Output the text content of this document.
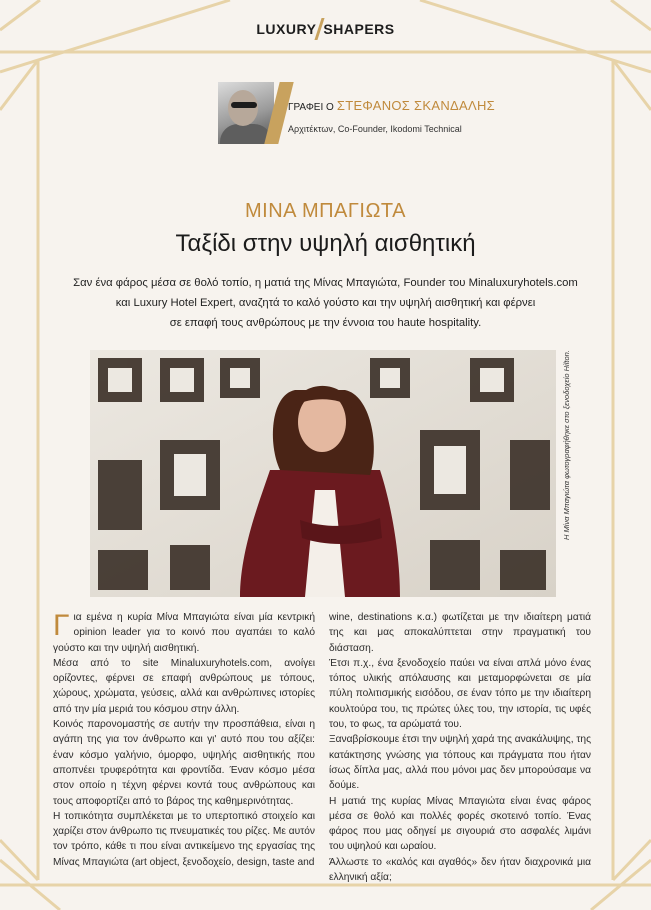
LUXURY SHAPERS
ΓΡΑΦΕΙ Ο ΣΤΕΦΑΝΟΣ ΣΚΑΝΔΑΛΗΣ
Αρχιτέκτων, Co-Founder, Ikodomi Technical
ΜΙΝΑ ΜΠΑΓΙΩΤΑ
Ταξίδι στην υψηλή αισθητική
Σαν ένα φάρος μέσα σε θολό τοπίο, η ματιά της Μίνας Μπαγιώτα, Founder του Minaluxuryhotels.com
και Luxury Hotel Expert, αναζητά το καλό γούστο και την υψηλή αισθητική και φέρνει
σε επαφή τους ανθρώπους με την έννοια του haute hospitality.
Η Μίνα Μπαγιώτα φωτογραφήθηκε στο ξενοδοχείο Hilton.

Για εμένα η κυρία Μίνα Μπαγιώτα είναι μία κεντρική opinion leader για το κοινό που αγαπάει το καλό γούστο και την υψηλή αισθητική.

Μέσα από το site Minaluxuryhotels.com, ανοίγει ορίζοντες, φέρνει σε επαφή ανθρώπους με τόπους, χώρους, χρώματα, γεύσεις, αλλά και ανθρώπινες ιστορίες από την μία μεριά του κόσμου στην άλλη.

Κοινός παρονομαστής σε αυτήν την προσπάθεια, είναι η αγάπη της για τον άνθρωπο και γι' αυτό που του αξίζει: έναν κόσμο γαλήνιο, όμορφο, υψηλής αισθητικής που αποπνέει τρυφερότητα και φροντίδα. Έναν κόσμο μέσα στον οποίο η τέχνη φέρνει κοντά τους ανθρώπους και τους αποφορτίζει από το βάρος της καθημερινότητας.

Η τοπικότητα συμπλέκεται με το υπερτοπικό στοιχείο και χαρίζει στον άνθρωπο τις πνευματικές του ρίζες. Με αυτόν τον τρόπο, κάθε τι που είναι αντικείμενο της εργασίας της Μίνας Μπαγιώτα (art object, ξενοδοχείο, design, taste and

wine, destinations κ.α.) φωτίζεται με την ιδιαίτερη ματιά της και μας αποκαλύπτεται στην πραγματική του διάσταση.

Έτσι π.χ., ένα ξενοδοχείο παύει να είναι απλά μόνο ένας τόπος υλικής απόλαυσης και μεταμορφώνεται σε μία πύλη πολιτισμικής εισόδου, σε έναν τόπο με την ιδιαίτερη κουλτούρα του, τις πρώτες ύλες του, την ιστορία, τις υφές του, το φως, τα αρώματά του.

Ξαναβρίσκουμε έτσι την υψηλή χαρά της ανακάλυψης, της κατάκτησης γνώσης για τόπους και πράγματα που ήταν ίσως δίπλα μας, αλλά που μόνοι μας δεν μπορούσαμε να δούμε.

Η ματιά της κυρίας Μίνας Μπαγιώτα είναι ένας φάρος μέσα σε θολό και πολλές φορές σκοτεινό τοπίο. Ένας φάρος που μας οδηγεί με σιγουριά στο ασφαλές λιμάνι του υψηλού και ωραίου.

Άλλωστε το «καλός και αγαθός» δεν ήταν διαχρονικά μια ελληνική αξία;
